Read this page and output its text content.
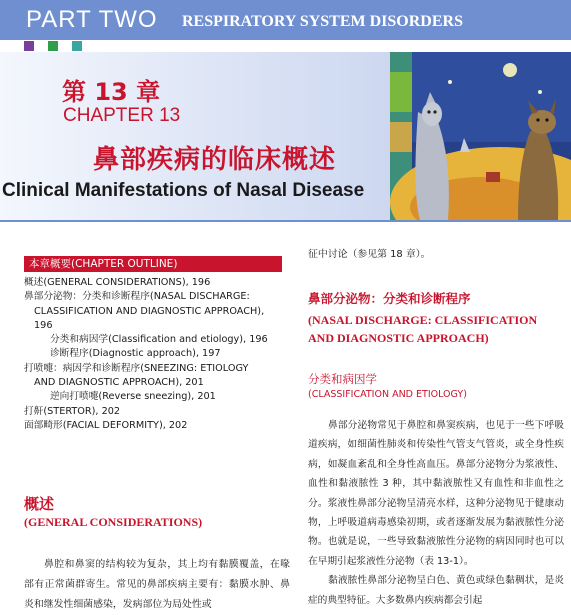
PART TWO RESPIRATORY SYSTEM DISORDERS
第 13 章
CHAPTER 13
鼻部疾病的临床概述
Clinical Manifestations of Nasal Disease
本章概要(CHAPTER OUTLINE)
概述(GENERAL CONSIDERATIONS), 196
鼻部分泌物：分类和诊断程序(NASAL DISCHARGE:
CLASSIFICATION AND DIAGNOSTIC APPROACH),
196
分类和病因学(Classification and etiology), 196
诊断程序(Diagnostic approach), 197
打喷嚏：病因学和诊断程序(SNEEZING: ETIOLOGY
AND DIAGNOSTIC APPROACH), 201
逆向打喷嚏(Reverse sneezing), 201
打鼾(STERTOR), 202
面部畸形(FACIAL DEFORMITY), 202
概述
(GENERAL CONSIDERATIONS)

鼻腔和鼻窦的结构较为复杂，其上均有黏膜覆盖，在喙部有正常菌群寄生。常见的鼻部疾病主要有：黏膜水肿、鼻炎和继发性细菌感染，发病部位为局处性或

征中讨论（参见第 18 章）。
鼻部分泌物：分类和诊断程序
(NASAL DISCHARGE: CLASSIFICATION AND DIAGNOSTIC APPROACH)
分类和病因学
(CLASSIFICATION AND ETIOLOGY)

鼻部分泌物常见于鼻腔和鼻窦疾病，也见于一些下呼吸道疾病，如细菌性肺炎和传染性气管支气管炎，或全身性疾病，如凝血紊乱和全身性高血压。鼻部分泌物分为浆液性、血性和黏液脓性 3 种，其中黏液脓性又有血性和非血性之分。浆液性鼻部分泌物呈清亮水样，这种分泌物见于健康动物，上呼吸道病毒感染初期，或者逐渐发展为黏液脓性分泌物。也就是说，一些导致黏液脓性分泌物的病因同时也可以在早期引起浆液性分泌物（表 13-1）。

黏液脓性鼻部分泌物呈白色、黄色或绿色黏稠状，是炎症的典型特征。大多数鼻内疾病都会引起
